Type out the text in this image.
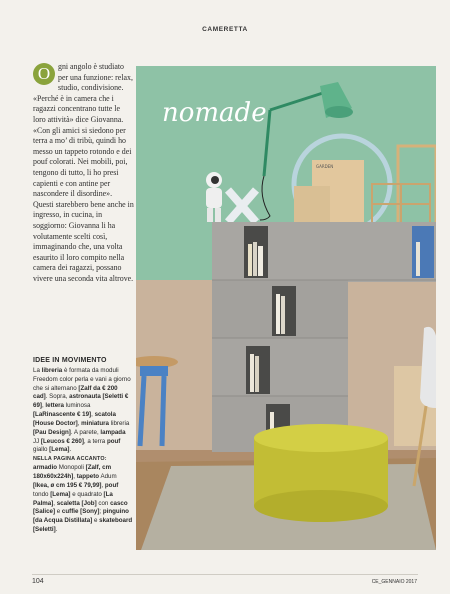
CAMERETTA
O gni angolo è studiato per una funzione: relax, studio, condivisione. «Perché è in camera che i ragazzi concentrano tutte le loro attività» dice Giovanna. «Con gli amici si siedono per terra a mo’ di tribù, quindi ho messo un tappeto rotondo e dei pouf colorati. Nei mobili, poi, tengono di tutto, li ho presi capienti e con antine per nascondere il disordine». Questi starebbero bene anche in ingresso, in cucina, in soggiorno: Giovanna li ha volutamente scelti così, immaginando che, una volta esaurito il loro compito nella camera dei ragazzi, possano vivere una seconda vita altrove.
nomade
GARDEN
IDEE IN MOVIMENTO
La libreria è formata da moduli Freedom color perla e vani a giorno che si alternano [Zalf da € 200 cad]. Sopra, astronauta [Seletti € 69], lettera luminosa [LaRinascente € 19], scatola [House Doctor], miniatura libreria [Pau Design]. A parete, lampada JJ [Leucos € 260], a terra pouf giallo [Lema].
NELLA PAGINA ACCANTO:
armadio Monopoli [Zalf, cm 180x60x224h], tappeto Adum [Ikea, ø cm 195 € 79,99], pouf tondo [Lema] e quadrato [La Palma], scaletta [Job] con casco [Salice] e cuffie [Sony]; pinguino [da Acqua Distillata] e skateboard [Seletti].
104	CE_GENNAIO 2017
